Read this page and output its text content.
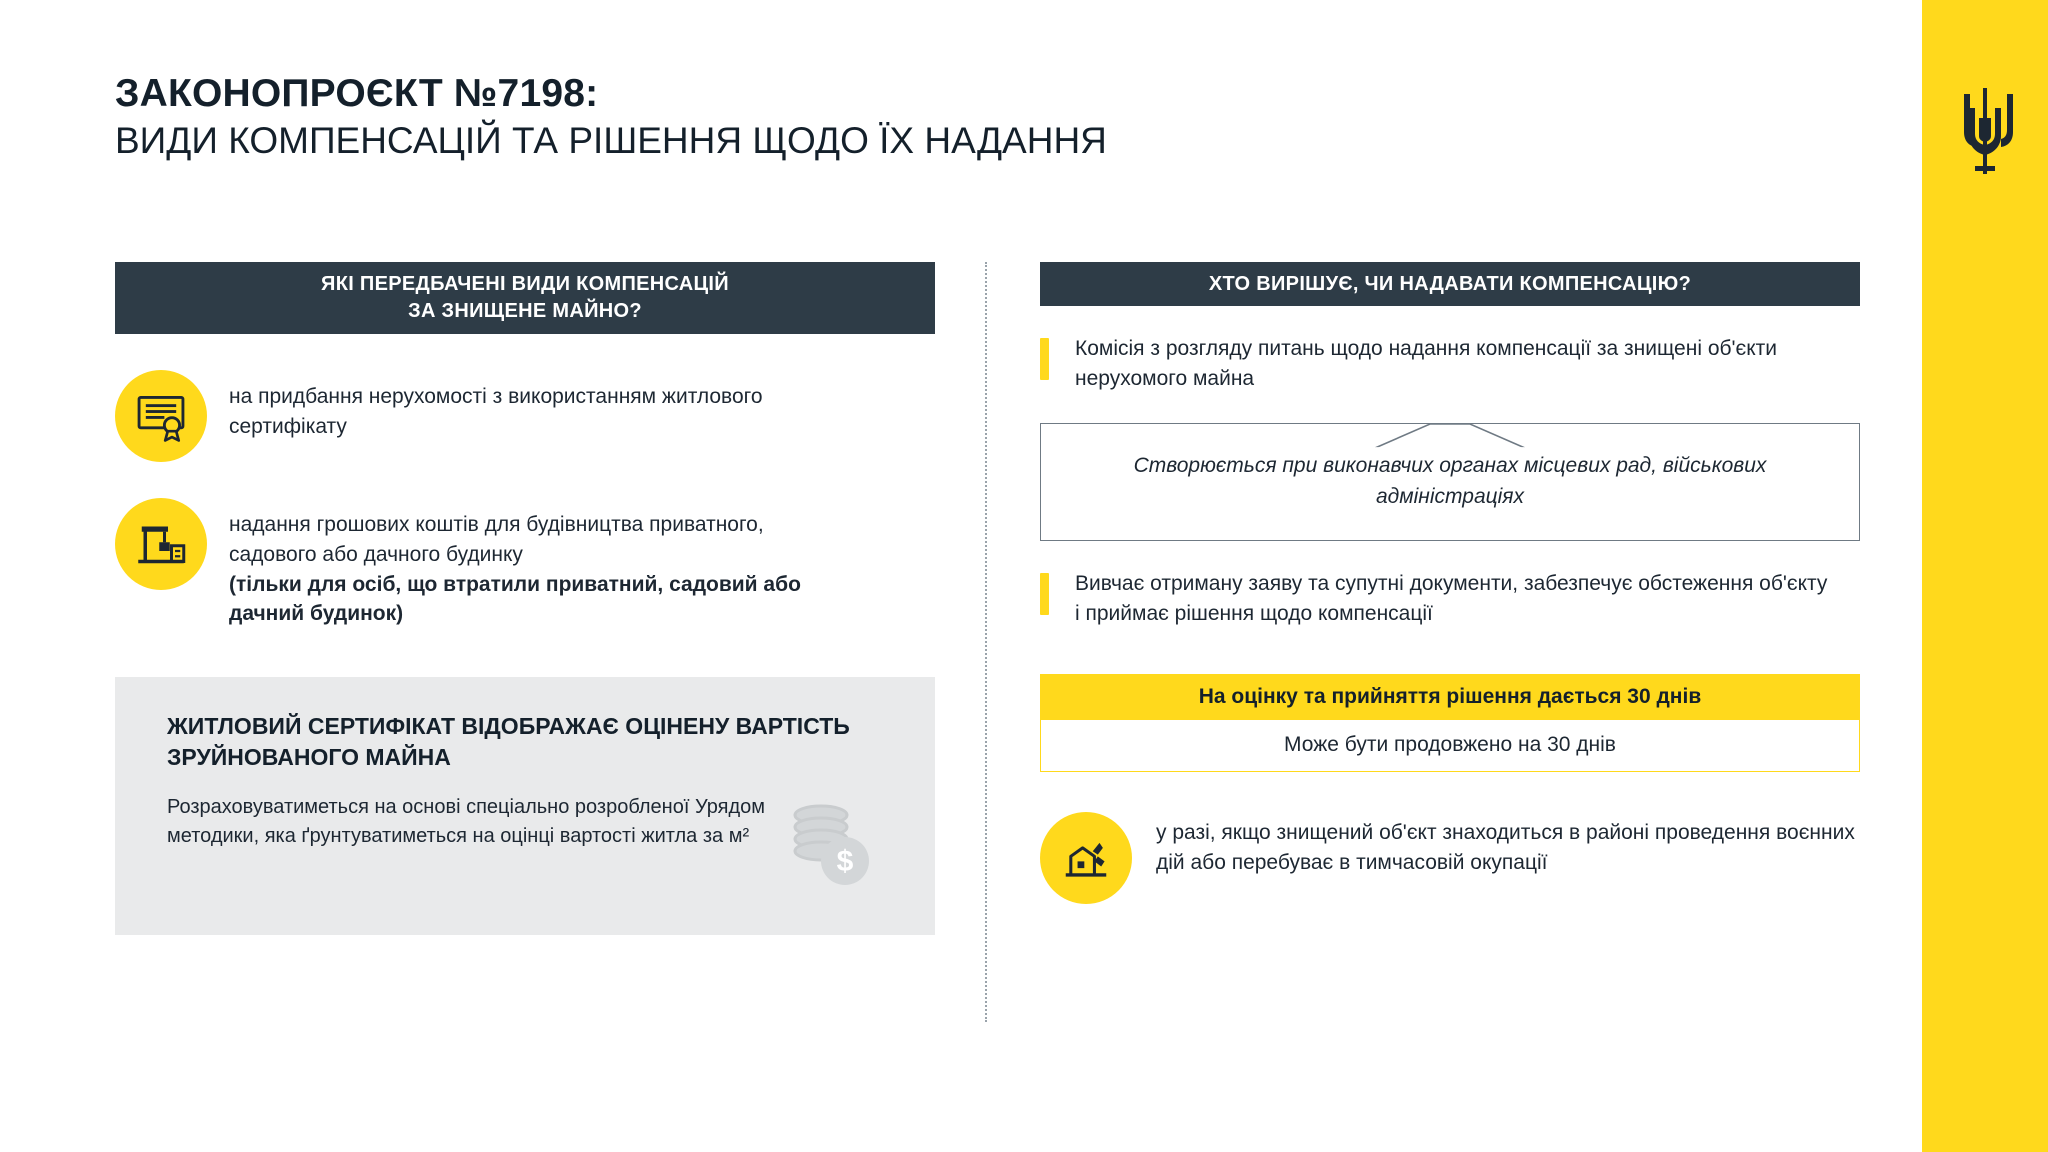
ЗАКОНОПРОЄКТ №7198:
ВИДИ КОМПЕНСАЦІЙ ТА РІШЕННЯ ЩОДО ЇХ НАДАННЯ
ЯКІ ПЕРЕДБАЧЕНІ ВИДИ КОМПЕНСАЦІЙ
ЗА ЗНИЩЕНЕ МАЙНО?
на придбання нерухомості з використанням житлового сертифікату
надання грошових коштів для будівництва приватного, садового або дачного будинку
(тільки для осіб, що втратили приватний, садовий або дачний будинок)
ЖИТЛОВИЙ СЕРТИФІКАТ ВІДОБРАЖАЄ ОЦІНЕНУ ВАРТІСТЬ ЗРУЙНОВАНОГО МАЙНА
Розраховуватиметься на основі спеціально розробленої Урядом методики, яка ґрунтуватиметься на оцінці вартості житла за м²
$
ХТО ВИРІШУЄ, ЧИ НАДАВАТИ КОМПЕНСАЦІЮ?
Комісія з розгляду питань щодо надання компенсації за знищені об'єкти нерухомого майна
Створюється при виконавчих органах місцевих рад, військових адміністраціях
Вивчає отриману заяву та супутні документи, забезпечує обстеження об'єкту і приймає рішення щодо компенсації
На оцінку та прийняття рішення дається 30 днів
Може бути продовжено на 30 днів
у разі, якщо знищений об'єкт знаходиться в районі проведення воєнних дій або перебуває в тимчасовій окупації
